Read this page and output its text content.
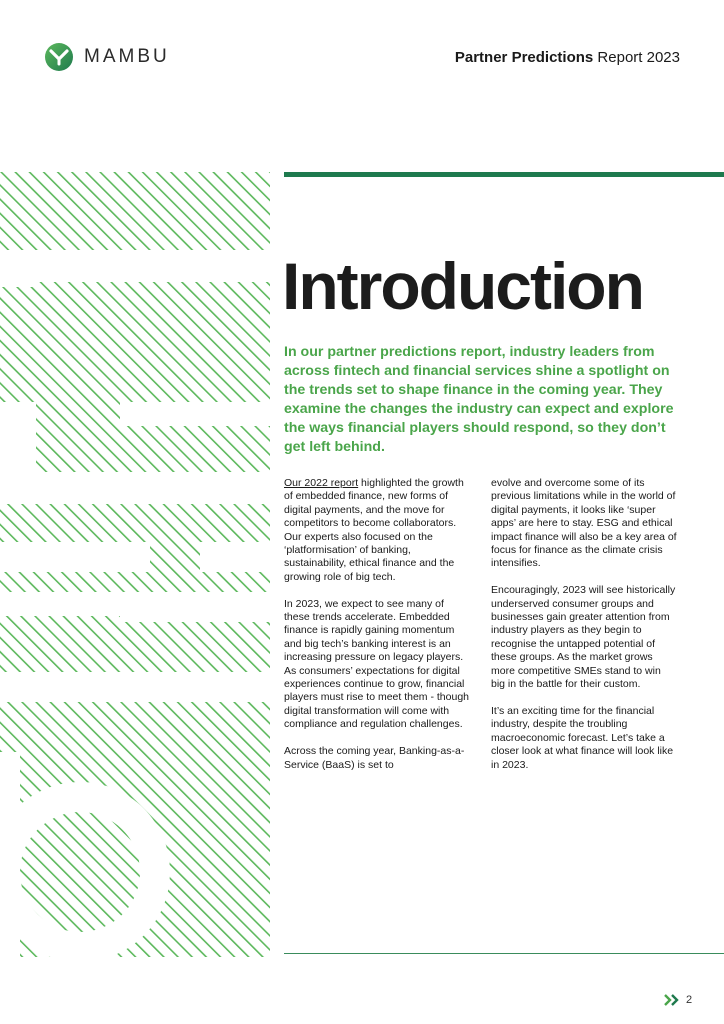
MAMBU	Partner Predictions Report 2023
Introduction

In our partner predictions report, industry leaders from across fintech and financial services shine a spotlight on the trends set to shape finance in the coming year. They examine the changes the industry can expect and explore the ways financial players should respond, so they don’t get left behind.

Our 2022 report highlighted the growth of embedded finance, new forms of digital payments, and the move for competitors to become collaborators. Our experts also focused on the ‘platformisation’ of banking, sustainability, ethical finance and the growing role of big tech.

In 2023, we expect to see many of these trends accelerate. Embedded finance is rapidly gaining momentum and big tech’s banking interest is an increasing pressure on legacy players. As consumers’ expectations for digital experiences continue to grow, financial players must rise to meet them - though digital transformation will come with compliance and regulation challenges.

Across the coming year, Banking-as-a-Service (BaaS) is set to

evolve and overcome some of its previous limitations while in the world of digital payments, it looks like ‘super apps’ are here to stay. ESG and ethical impact finance will also be a key area of focus for finance as the climate crisis intensifies.

Encouragingly, 2023 will see historically underserved consumer groups and businesses gain greater attention from industry players as they begin to recognise the untapped potential of these groups. As the market grows more competitive SMEs stand to win big in the battle for their custom.

It’s an exciting time for the financial industry, despite the troubling macroeconomic forecast. Let’s take a closer look at what finance will look like in 2023.

2
